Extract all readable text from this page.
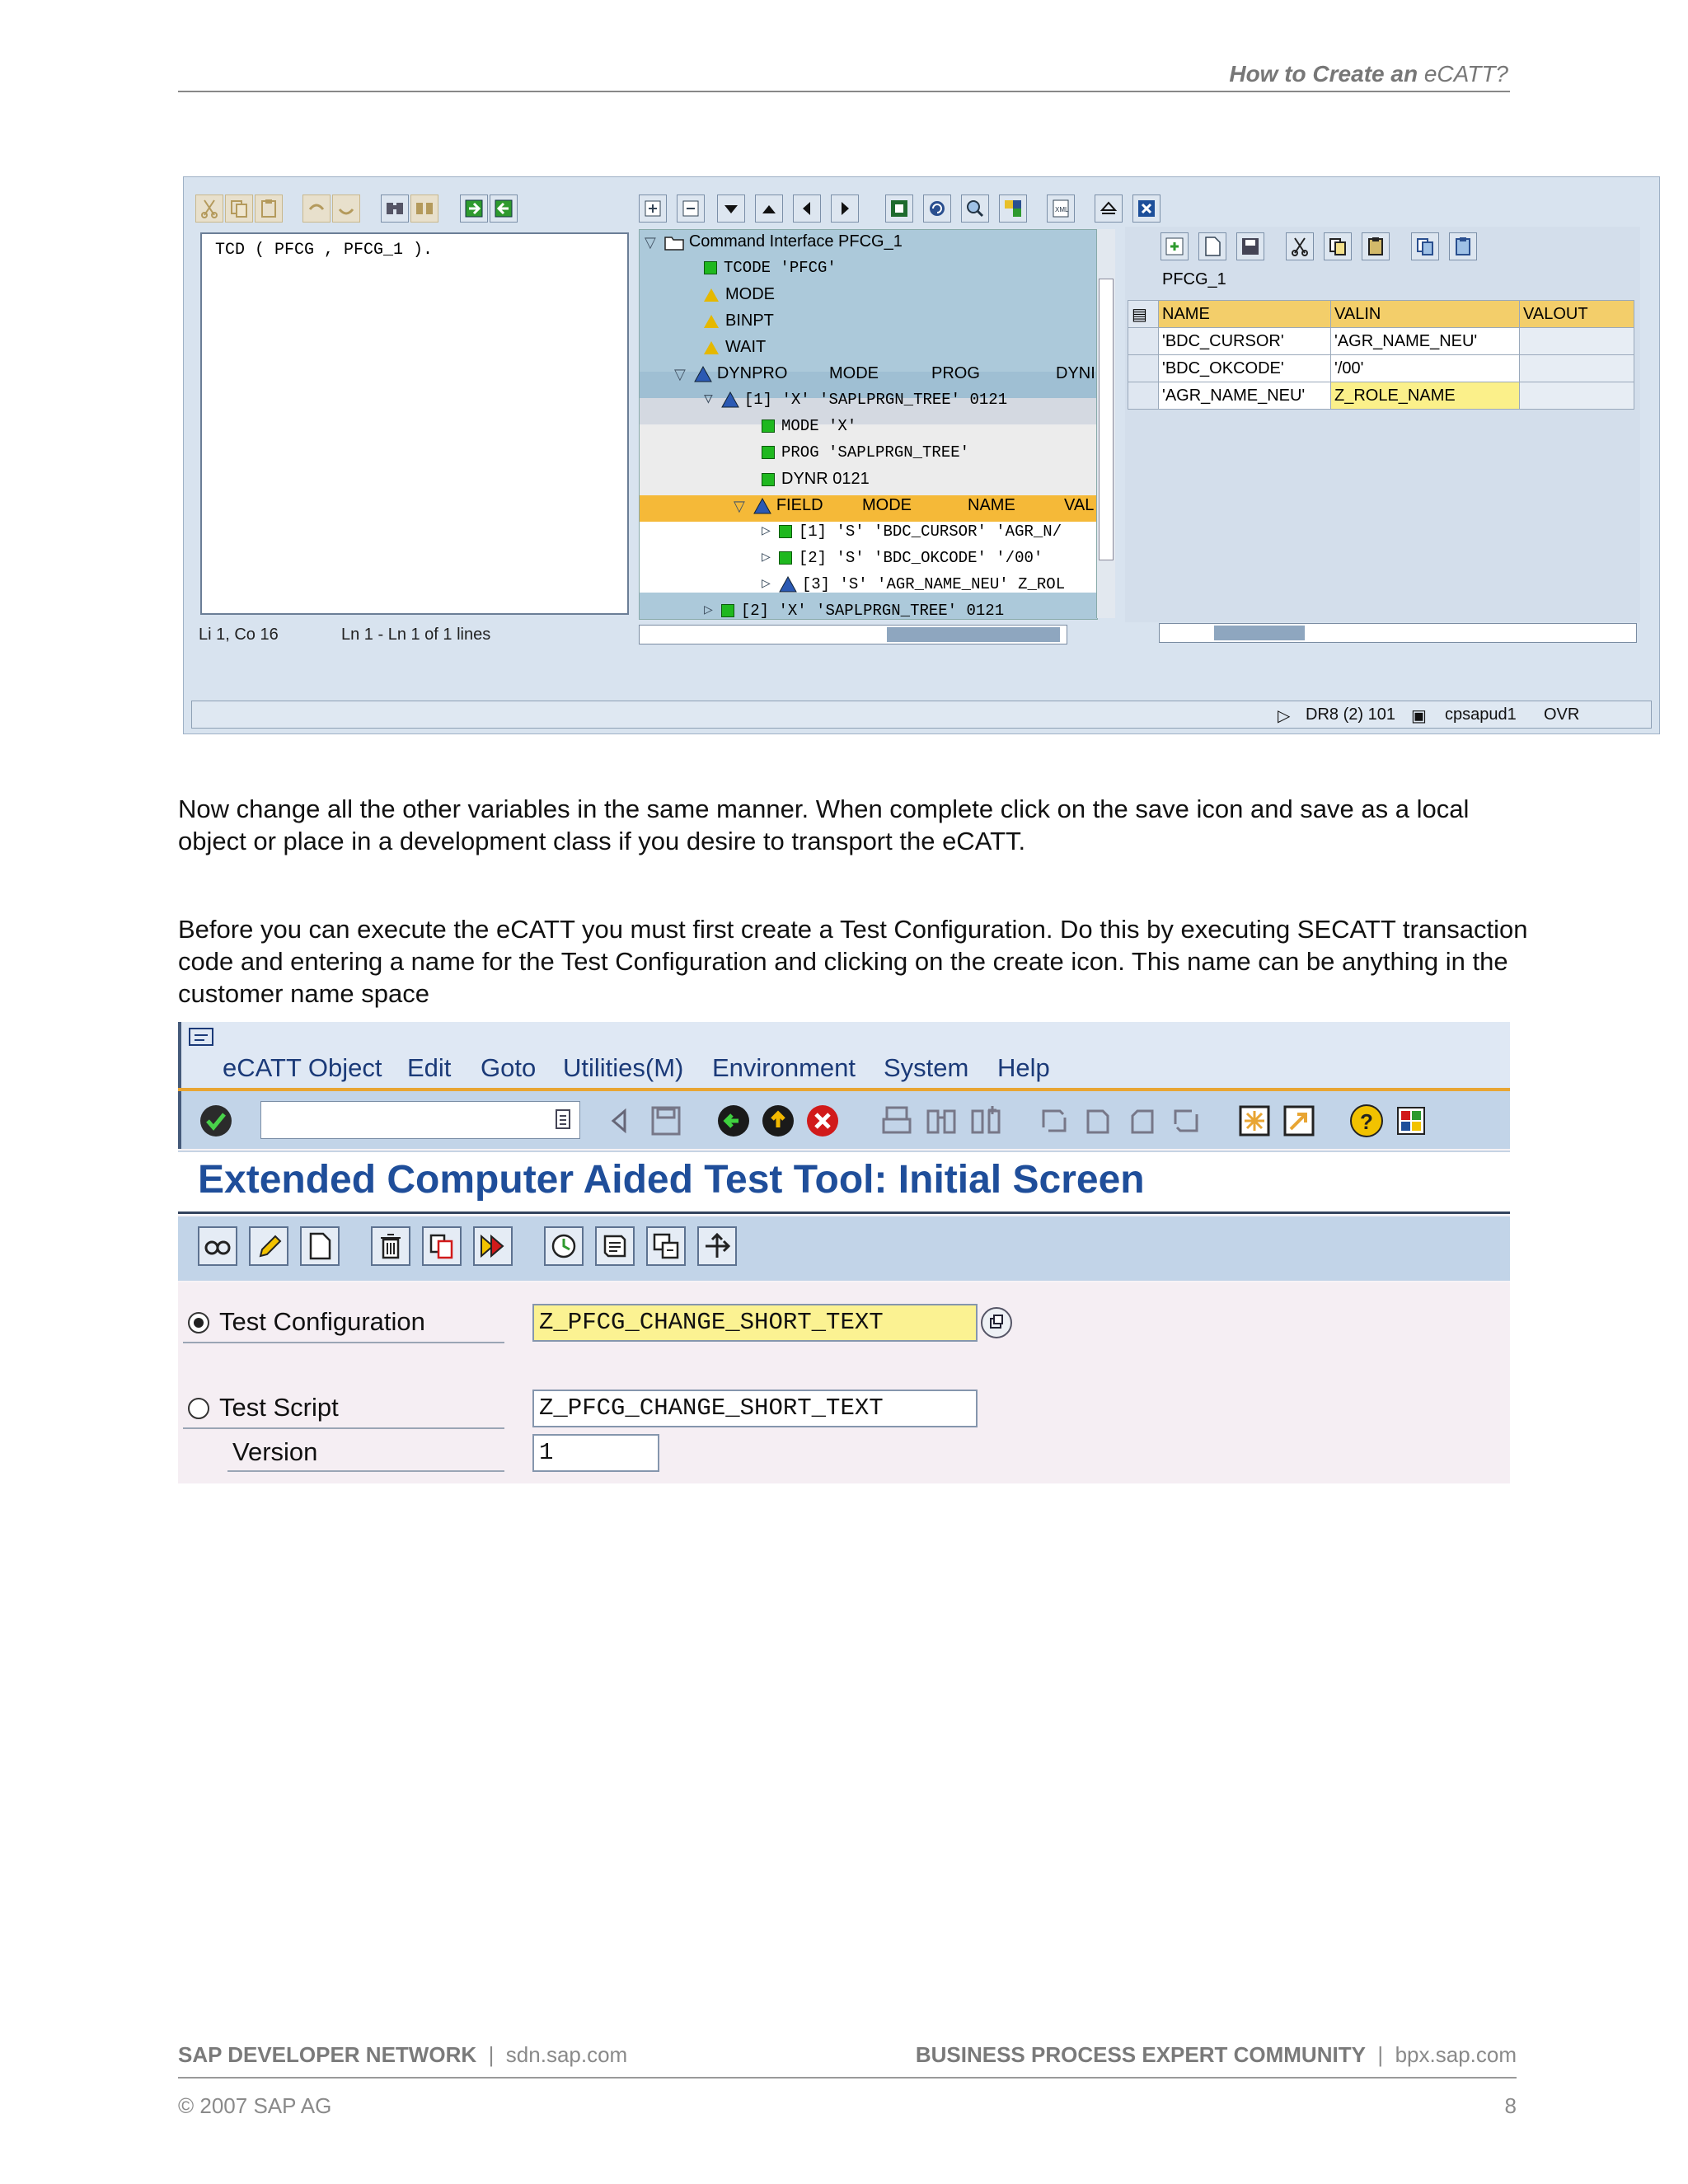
How to Create an eCATT?
TCD ( PFCG , PFCG_1 ).
Li 1, Co 16	Ln 1 - Ln 1 of 1 lines
XML
▽ Command Interface PFCG_1
TCODE 'PFCG'
MODE
BINPT
WAIT
▽ DYNPRO	MODE	PROG	DYNI
▽ [1] 'X' 'SAPLPRGN_TREE' 0121
MODE 'X'
PROG 'SAPLPRGN_TREE'
DYNR 0121
▽ FIELD MODE	NAME	VAL
▷ [1] 'S' 'BDC_CURSOR' 'AGR_N/
▷ [2] 'S' 'BDC_OKCODE' '/00'
▷ [3] 'S' 'AGR_NAME_NEU' Z_ROL
▷ [2] 'X' 'SAPLPRGN_TREE' 0121
PFCG_1
▤	NAME	VALIN	VALOUT
	'BDC_CURSOR'	'AGR_NAME_NEU'	
	'BDC_OKCODE'	'/00'	
	'AGR_NAME_NEU'	Z_ROLE_NAME	
▷ DR8 (2) 101 ▣ cpsapud1 OVR
Now change all the other variables in the same manner. When complete click on the save icon and save as a local object or place in a development class if you desire to transport the eCATT.
Before you can execute the eCATT you must first create a Test Configuration. Do this by executing SECATT transaction code and entering a name for the Test Configuration and clicking on the create icon. This name can be anything in the customer name space
eCATT Object Edit Goto Utilities(M) Environment System Help
?
Extended Computer Aided Test Tool: Initial Screen
Test Configuration	Z_PFCG_CHANGE_SHORT_TEXT
Test Script	Z_PFCG_CHANGE_SHORT_TEXT
Version	1
SAP DEVELOPER NETWORK  |  sdn.sap.com	BUSINESS PROCESS EXPERT COMMUNITY  |  bpx.sap.com
© 2007 SAP AG	8
